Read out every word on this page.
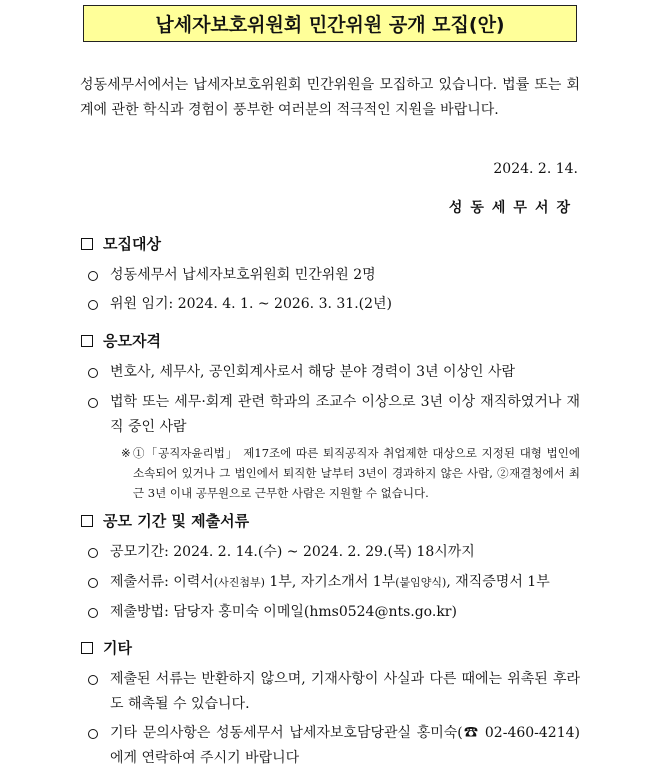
납세자보호위원회 민간위원 공개 모집(안)
성동세무서에서는 납세자보호위원회 민간위원을 모집하고 있습니다. 법률 또는 회계에 관한 학식과 경험이 풍부한 여러분의 적극적인 지원을 바랍니다.
2024. 2. 14.
성동세무서장
모집대상
성동세무서 납세자보호위원회 민간위원 2명
위원 임기: 2024. 4. 1. ~ 2026. 3. 31.(2년)
응모자격
변호사, 세무사, 공인회계사로서 해당 분야 경력이 3년 이상인 사람
법학 또는 세무·회계 관련 학과의 조교수 이상으로 3년 이상 재직하였거나 재직 중인 사람
※ ①「공직자윤리법」 제17조에 따른 퇴직공직자 취업제한 대상으로 지정된 대형 법인에 소속되어 있거나 그 법인에서 퇴직한 날부터 3년이 경과하지 않은 사람, ②재결청에서 최근 3년 이내 공무원으로 근무한 사람은 지원할 수 없습니다.
공모 기간 및 제출서류
공모기간: 2024. 2. 14.(수) ~ 2024. 2. 29.(목) 18시까지
제출서류: 이력서(사진첨부) 1부, 자기소개서 1부(붙임양식), 재직증명서 1부
제출방법: 담당자 홍미숙 이메일(hms0524@nts.go.kr)
기타
제출된 서류는 반환하지 않으며, 기재사항이 사실과 다른 때에는 위촉된 후라도 해촉될 수 있습니다.
기타 문의사항은 성동세무서 납세자보호담당관실 홍미숙(☎ 02-460-4214)에게 연락하여 주시기 바랍니다
